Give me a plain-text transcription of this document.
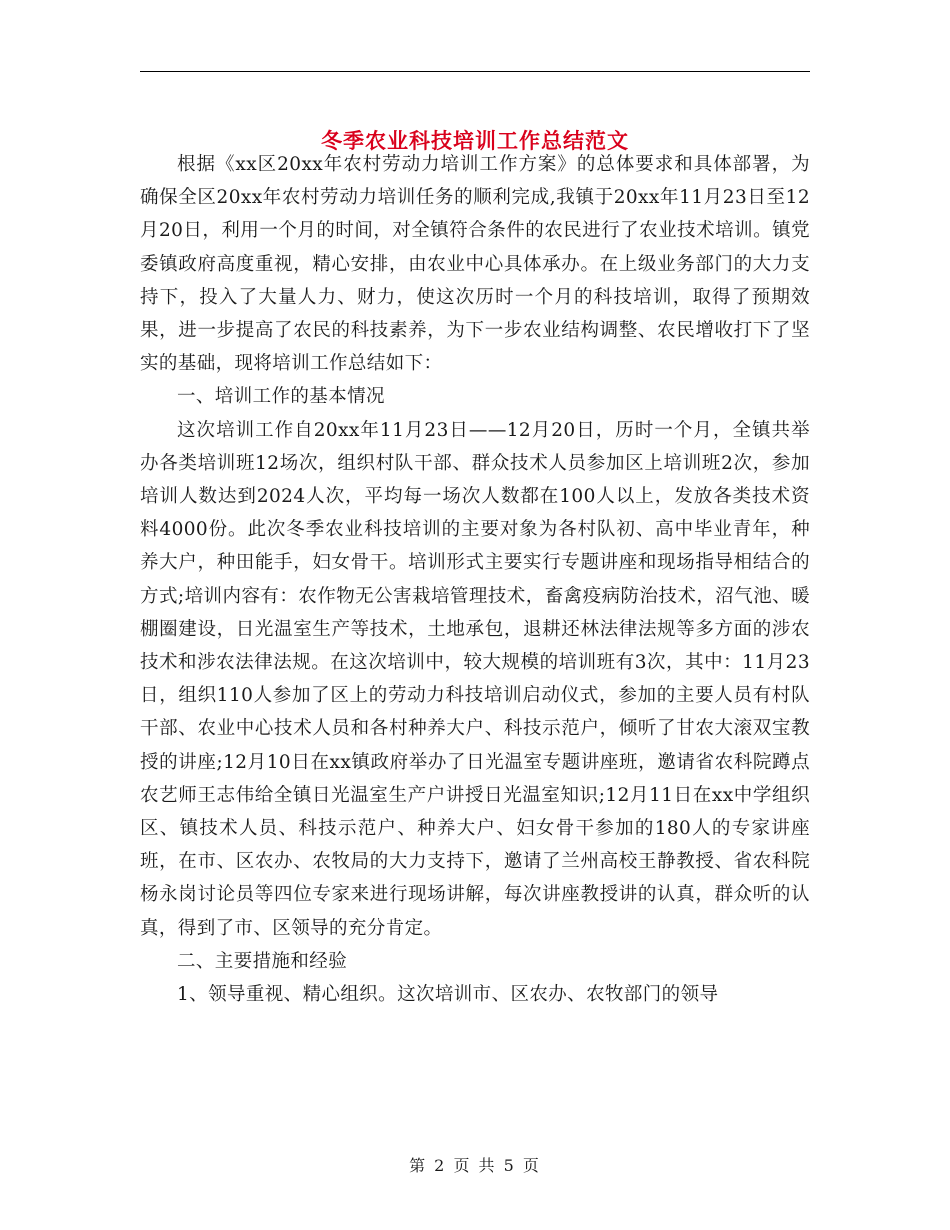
冬季农业科技培训工作总结范文

根据《xx区20xx年农村劳动力培训工作方案》的总体要求和具体部署，为确保全区20xx年农村劳动力培训任务的顺利完成,我镇于20xx年11月23日至12月20日，利用一个月的时间，对全镇符合条件的农民进行了农业技术培训。镇党委镇政府高度重视，精心安排，由农业中心具体承办。在上级业务部门的大力支持下，投入了大量人力、财力，使这次历时一个月的科技培训，取得了预期效果，进一步提高了农民的科技素养，为下一步农业结构调整、农民增收打下了坚实的基础，现将培训工作总结如下：

一、培训工作的基本情况

这次培训工作自20xx年11月23日——12月20日，历时一个月，全镇共举办各类培训班12场次，组织村队干部、群众技术人员参加区上培训班2次，参加培训人数达到2024人次，平均每一场次人数都在100人以上，发放各类技术资料4000份。此次冬季农业科技培训的主要对象为各村队初、高中毕业青年，种养大户，种田能手，妇女骨干。培训形式主要实行专题讲座和现场指导相结合的方式;培训内容有：农作物无公害栽培管理技术，畜禽疫病防治技术，沼气池、暖棚圈建设，日光温室生产等技术，土地承包，退耕还林法律法规等多方面的涉农技术和涉农法律法规。在这次培训中，较大规模的培训班有3次，其中：11月23日，组织110人参加了区上的劳动力科技培训启动仪式，参加的主要人员有村队干部、农业中心技术人员和各村种养大户、科技示范户，倾听了甘农大滚双宝教授的讲座;12月10日在xx镇政府举办了日光温室专题讲座班，邀请省农科院蹲点农艺师王志伟给全镇日光温室生产户讲授日光温室知识;12月11日在xx中学组织区、镇技术人员、科技示范户、种养大户、妇女骨干参加的180人的专家讲座班，在市、区农办、农牧局的大力支持下，邀请了兰州高校王静教授、省农科院杨永岗讨论员等四位专家来进行现场讲解，每次讲座教授讲的认真，群众听的认真，得到了市、区领导的充分肯定。

二、主要措施和经验

1、领导重视、精心组织。这次培训市、区农办、农牧部门的领导

第 2 页 共 5 页
